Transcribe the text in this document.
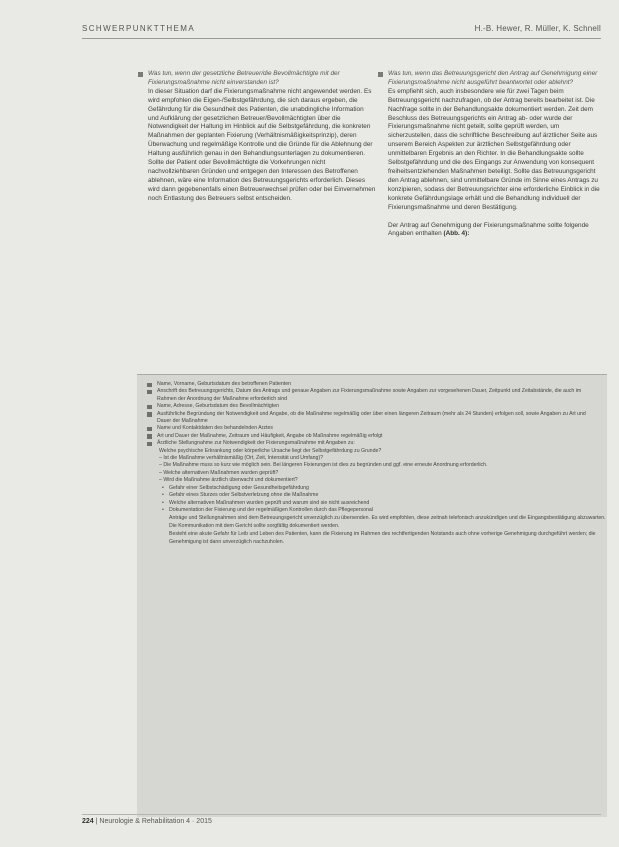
SCHWERPUNKTTHEMA	H.-B. Hewer, R. Müller, K. Schnell
Was tun, wenn der gesetzliche Betreuer/die Bevollmächtigte mit der Fixierungsmaßnahme nicht einverstanden ist?
In dieser Situation darf die Fixierungsmaßnahme nicht angewendet werden. Es wird empfohlen die Eigen-/Selbstgefährdung, die sich daraus ergeben, die Gefährdung für die Gesundheit des Patienten, die unabdingliche Information und Aufklärung der gesetzlichen Betreuer/Bevollmächtigten über die Notwendigkeit der Haltung im Hinblick auf die Selbstgefährdung, die konkreten Maßnahmen der geplanten Fixierung (Verhältnismäßigkeitsprinzip), deren Überwachung und regelmäßige Kontrolle und die Gründe für die Ablehnung der Haltung ausführlich genau in den Behandlungsunterlagen zu dokumentieren. Sollte der Patient oder Bevollmächtigte die Vorkehrungen nicht nachvollziehbaren Gründen und entgegen den Interessen des Betroffenen ablehnen, wäre eine Information des Betreuungsgerichts erforderlich. Dieses wird dann gegebenenfalls einen Betreuerwechsel prüfen oder bei Einvernehmen noch Entlastung des Betreuers selbst entscheiden.
Was tun, wenn das Betreuungsgericht den Antrag auf Genehmigung einer Fixierungsmaßnahme nicht ausgeführt beantwortet oder ablehnt?
Es empfiehlt sich, auch insbesondere wie für zwei Tagen beim Betreuungsgericht nachzufragen, ob der Antrag bereits bearbeitet ist. Die Nachfrage sollte in der Behandlungsakte dokumentiert werden. Zeit dem Beschluss des Betreuungsgerichts ein Antrag ab- oder wurde der Fixierungsmaßnahme nicht geteilt, sollte geprüft werden, um sicherzustellen, dass die schriftliche Beschreibung auf ärztlicher Seite aus unserem Bereich Aspekten zur ärztlichen Selbstgefährdung oder unmittelbaren Ergebnis an den Richter. In die Behandlungsakte sollte Selbstgefährdung und die des Eingangs zur Anwendung von konsequent freiheitsentziehenden Maßnahmen beteiligt. Sollte das Betreuungsgericht den Antrag ablehnen, sind unmittelbare Gründe im Sinne eines Antrags zu konzipieren, sodass der Betreuungsrichter eine erforderliche Einblick in die konkrete Gefährdungslage erhält und die Behandlung individuell der Fixierungsmaßnahme und deren Bestätigung.
Der Antrag auf Genehmigung der Fixierungsmaßnahme sollte folgende Angaben enthalten (Abb. 4):
Name, Vorname, Geburtsdatum des betroffenen Patienten
Anschrift des Betreuungsgerichts, Datum des Antrags und genaue Angaben zur Fixierungsmaßnahme sowie Angaben zur vorgesehenen Dauer, Zeitpunkt und Zeitabstände, die auch im Rahmen der Anordnung der Maßnahme erforderlich sind
Name, Adresse, Geburtsdatum des Bevollmächtigten
Ausführliche Begründung der Notwendigkeit und Angabe, ob die Maßnahme regelmäßig oder über einen längeren Zeitraum (mehr als 24 Stunden) erfolgen soll, sowie Angaben zu Art und Dauer der Maßnahme
Name und Kontaktdaten des behandelnden Arztes
Art und Dauer der Maßnahme, Zeitraum und Häufigkeit, Angabe ob Maßnahme regelmäßig erfolgt
Ärztliche Stellungnahme zur Notwendigkeit der Fixierungsmaßnahme mit Angaben zu:
Welche psychische Erkrankung oder körperliche Ursache liegt der Selbstgefährdung zu Grunde?
– Ist die Maßnahme verhältnismäßig (Ort, Zeit, Intensität und Umfang)?
– Die Maßnahme muss so kurz wie möglich sein. Bei längeren Fixierungen ist dies zu begründen und ggf. eine erneute Anordnung erforderlich.
– Welche alternativen Maßnahmen wurden geprüft?
– Wird die Maßnahme ärztlich überwacht und dokumentiert?
• Gefahr einer Selbstschädigung oder Gesundheitsgefährdung
• Gefahr eines Sturzes oder Selbstverletzung ohne die Maßnahme
• Welche alternativen Maßnahmen wurden geprüft und warum sind sie nicht ausreichend
• Dokumentation der Fixierung und der regelmäßigen Kontrollen durch das Pflegepersonal
Anträge und Stellungnahmen sind dem Betreuungsgericht unverzüglich zu übersenden. Es wird empfohlen, diese zeitnah telefonisch anzukündigen und die Eingangsbestätigung abzuwarten. Die Kommunikation mit dem Gericht sollte sorgfältig dokumentiert werden.
Besteht eine akute Gefahr für Leib und Leben des Patienten, kann die Fixierung im Rahmen des rechtfertigenden Notstands auch ohne vorherige Genehmigung durchgeführt werden; die Genehmigung ist dann unverzüglich nachzuholen.
224 | Neurologie & Rehabilitation 4 · 2015
